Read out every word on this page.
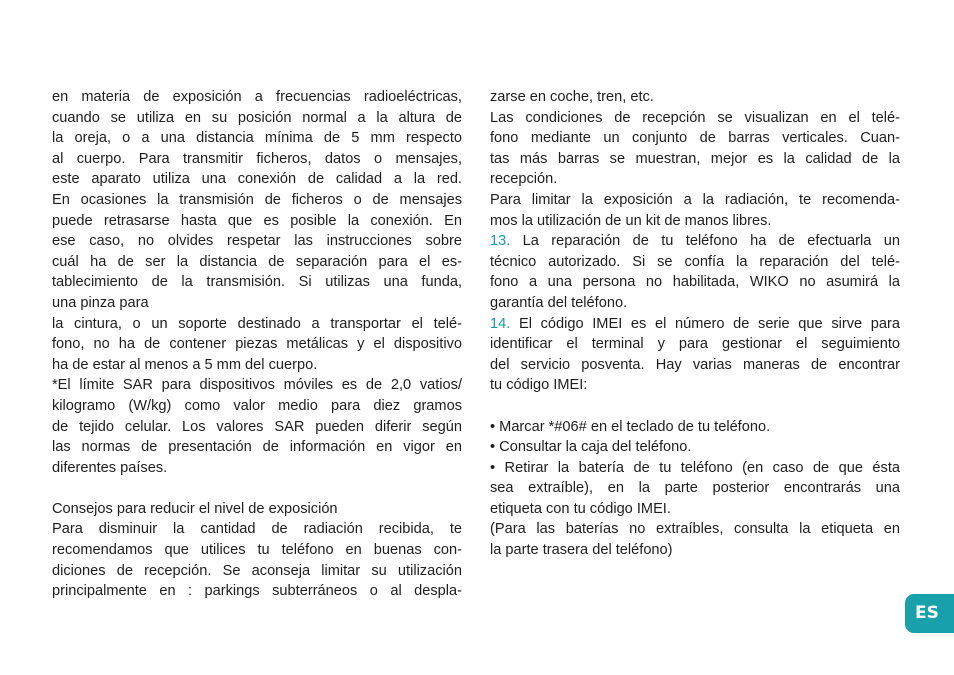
en materia de exposición a frecuencias radioeléctricas,
cuando se utiliza en su posición normal a la altura de
la oreja, o a una distancia mínima de 5 mm respecto
al cuerpo. Para transmitir ficheros, datos o mensajes,
este aparato utiliza una conexión de calidad a la red.
En ocasiones la transmisión de ficheros o de mensajes
puede retrasarse hasta que es posible la conexión. En
ese caso, no olvides respetar las instrucciones sobre
cuál ha de ser la distancia de separación para el es-
tablecimiento de la transmisión. Si utilizas una funda,
una pinza para
la cintura, o un soporte destinado a transportar el telé-
fono, no ha de contener piezas metálicas y el dispositivo
ha de estar al menos a 5 mm del cuerpo.
*El límite SAR para dispositivos móviles es de 2,0 vatios/
kilogramo (W/kg) como valor medio para diez gramos
de tejido celular. Los valores SAR pueden diferir según
las normas de presentación de información en vigor en
diferentes países.
Consejos para reducir el nivel de exposición
Para disminuir la cantidad de radiación recibida, te
recomendamos que utilices tu teléfono en buenas con-
diciones de recepción. Se aconseja limitar su utilización
principalmente en : parkings subterráneos o al despla-
zarse en coche, tren, etc.
Las condiciones de recepción se visualizan en el telé-
fono mediante un conjunto de barras verticales. Cuan-
tas más barras se muestran, mejor es la calidad de la
recepción.
Para limitar la exposición a la radiación, te recomenda-
mos la utilización de un kit de manos libres.
13. La reparación de tu teléfono ha de efectuarla un
técnico autorizado. Si se confía la reparación del telé-
fono a una persona no habilitada, WIKO no asumirá la
garantía del teléfono.
14. El código IMEI es el número de serie que sirve para
identificar el terminal y para gestionar el seguimiento
del servicio posventa. Hay varias maneras de encontrar
tu código IMEI:
• Marcar *#06# en el teclado de tu teléfono.
• Consultar la caja del teléfono.
• Retirar la batería de tu teléfono (en caso de que ésta
sea extraíble), en la parte posterior encontrarás una
etiqueta con tu código IMEI.
(Para las baterías no extraíbles, consulta la etiqueta en
la parte trasera del teléfono)
ES
